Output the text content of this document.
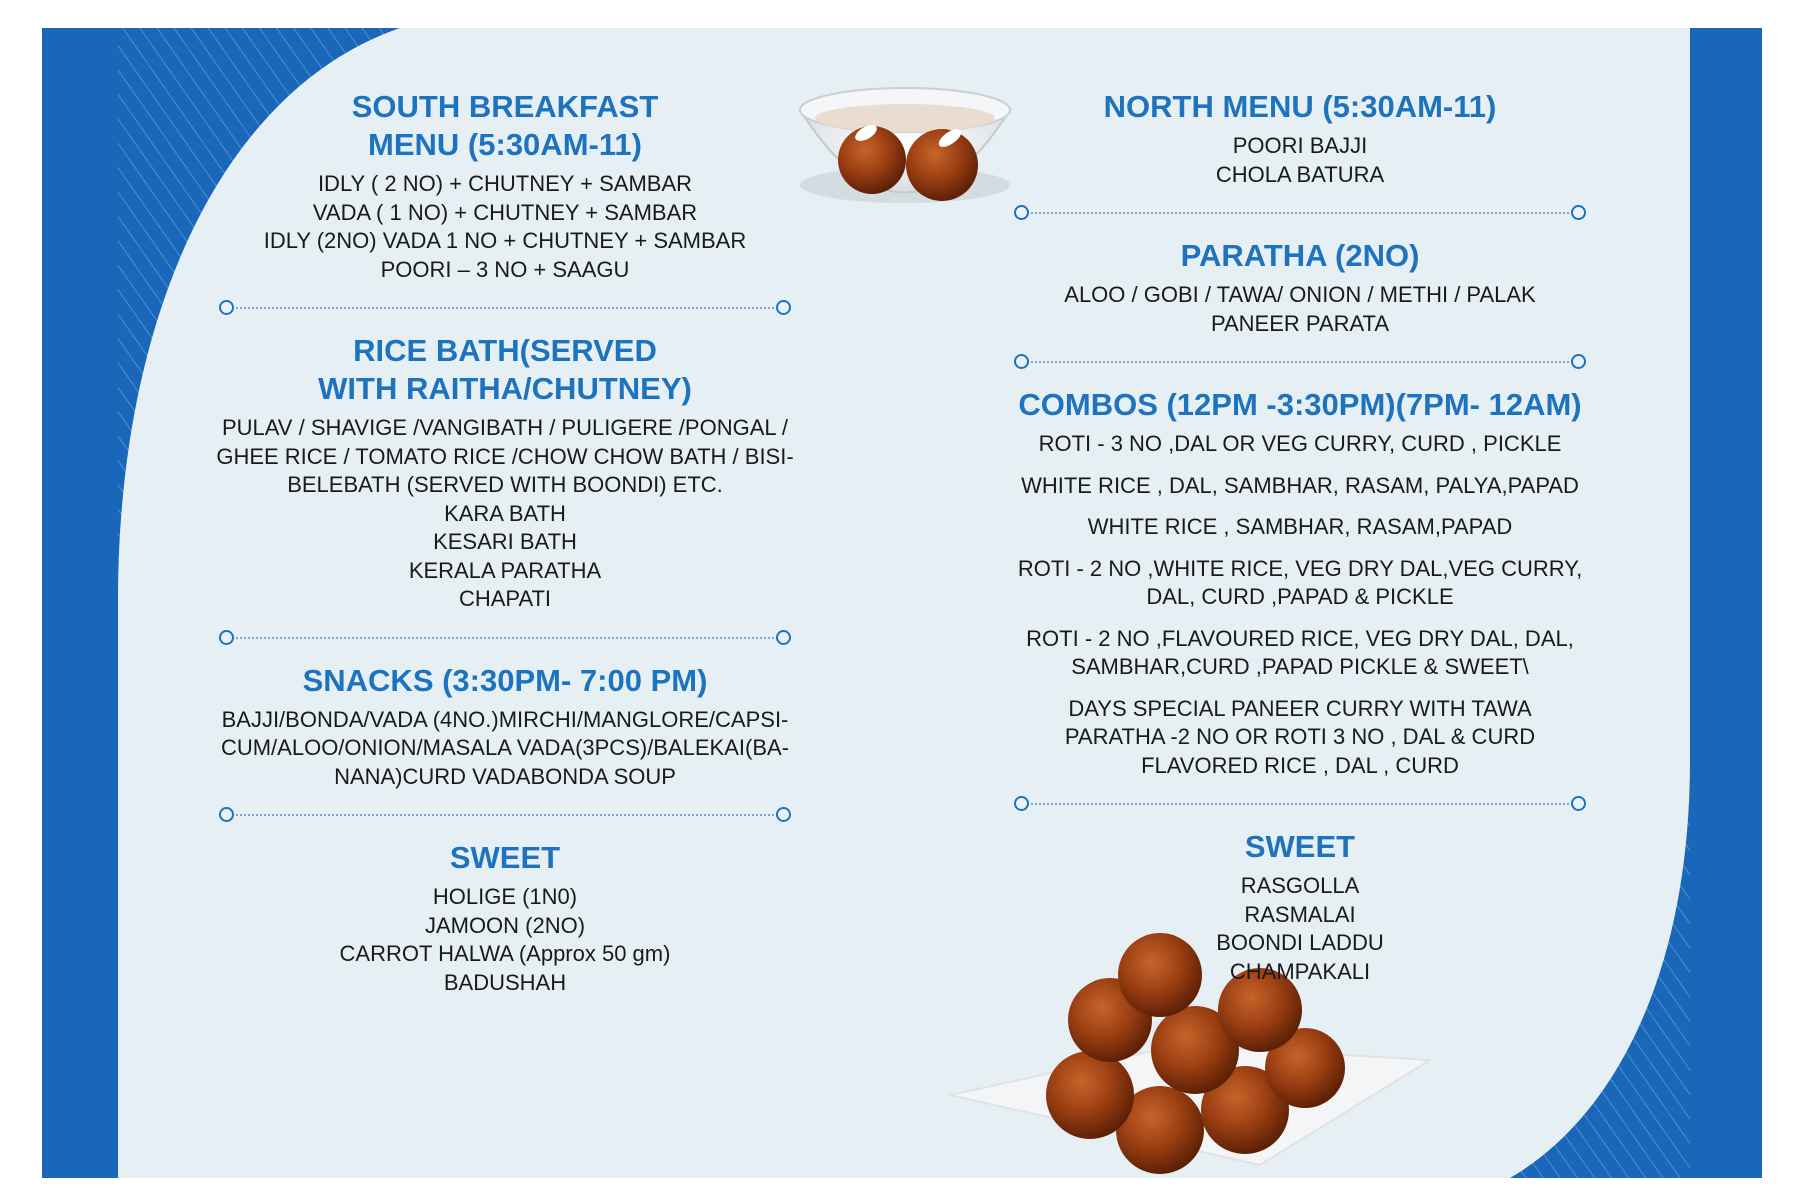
SOUTH BREAKFAST
MENU (5:30AM-11)
IDLY ( 2 NO) + CHUTNEY + SAMBAR
VADA ( 1 NO) + CHUTNEY + SAMBAR
IDLY (2NO) VADA 1 NO + CHUTNEY + SAMBAR
POORI – 3 NO + SAAGU
RICE BATH(SERVED
WITH RAITHA/CHUTNEY)
PULAV / SHAVIGE /VANGIBATH / PULIGERE /PONGAL /
GHEE RICE / TOMATO RICE /CHOW CHOW BATH / BISI-
BELEBATH (SERVED WITH BOONDI) ETC.
KARA BATH
KESARI BATH
KERALA PARATHA
CHAPATI
SNACKS (3:30PM- 7:00 PM)
BAJJI/BONDA/VADA (4NO.)MIRCHI/MANGLORE/CAPSI-
CUM/ALOO/ONION/MASALA VADA(3PCS)/BALEKAI(BA-
NANA)CURD VADABONDA SOUP
SWEET
HOLIGE (1N0)
JAMOON (2NO)
CARROT HALWA (Approx 50 gm)
BADUSHAH
NORTH MENU (5:30AM-11)
POORI BAJJI
CHOLA BATURA
PARATHA (2NO)
ALOO / GOBI / TAWA/ ONION / METHI / PALAK
PANEER PARATA
COMBOS (12PM -3:30PM)(7PM- 12AM)
ROTI - 3 NO ,DAL OR VEG CURRY, CURD , PICKLE
WHITE RICE , DAL, SAMBHAR, RASAM, PALYA,PAPAD
WHITE RICE , SAMBHAR, RASAM,PAPAD
ROTI - 2 NO ,WHITE RICE, VEG DRY DAL,VEG CURRY,
DAL, CURD ,PAPAD & PICKLE
ROTI - 2 NO ,FLAVOURED RICE, VEG DRY DAL, DAL,
SAMBHAR,CURD ,PAPAD PICKLE & SWEET\
DAYS SPECIAL PANEER CURRY WITH TAWA
PARATHA -2 NO OR ROTI 3 NO , DAL & CURD
FLAVORED RICE , DAL , CURD
SWEET
RASGOLLA
RASMALAI
BOONDI LADDU
CHAMPAKALI
